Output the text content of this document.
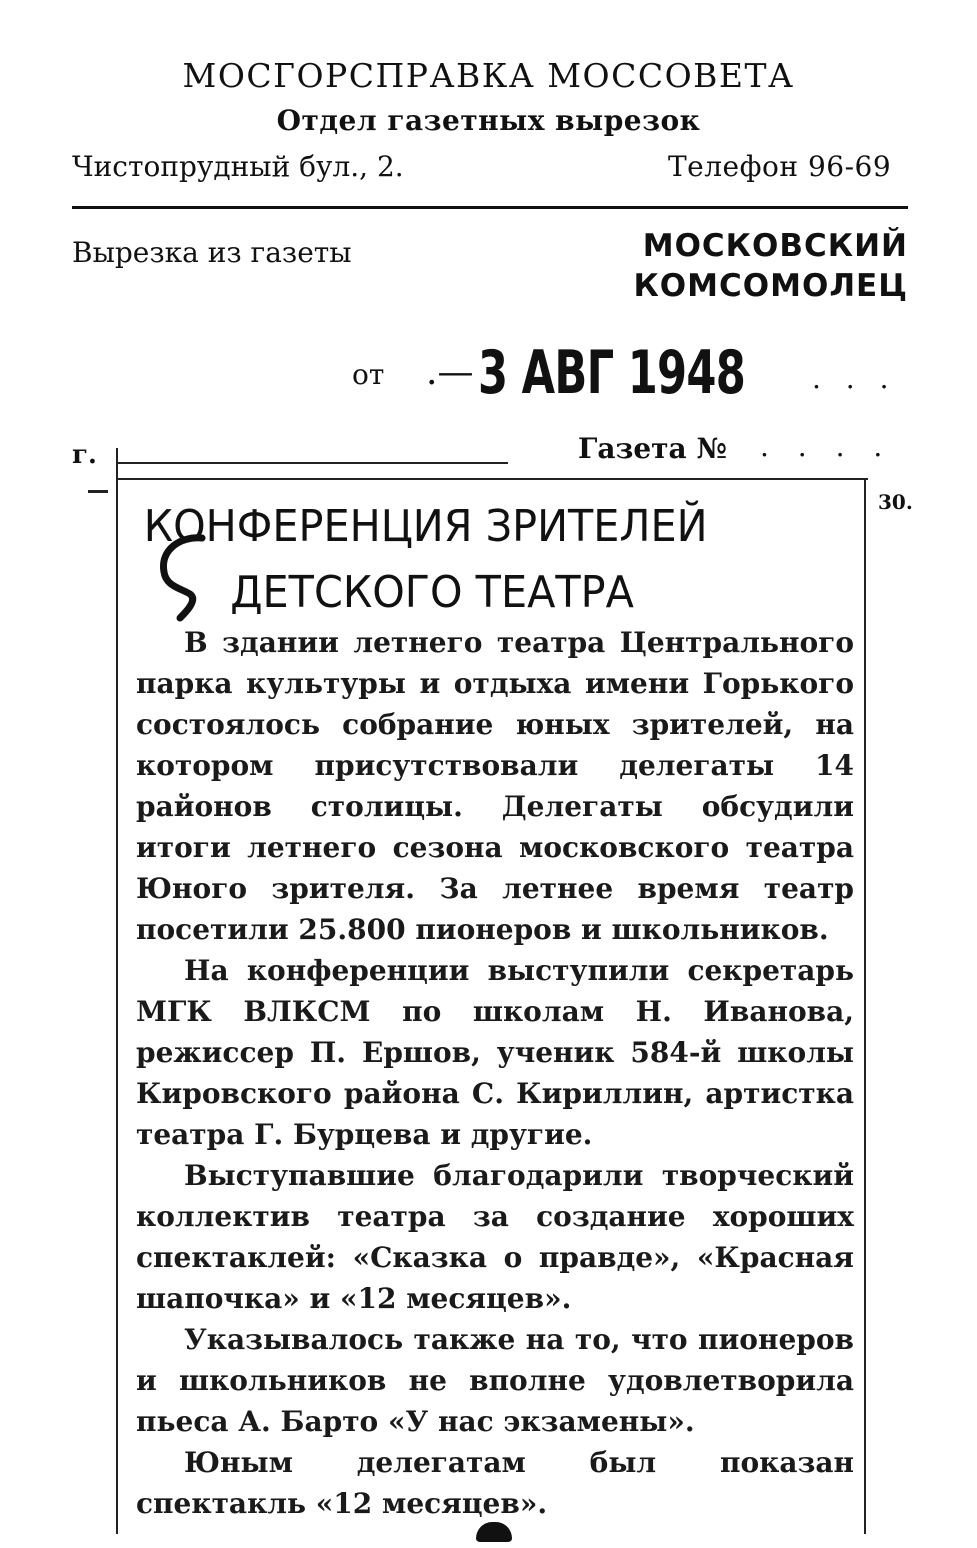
МОСГОРСПРАВКА МОССОВЕТА
Отдел газетных вырезок
Чистопрудный бул., 2.	Телефон 96-69
Вырезка из газеты	МОСКОВСКИЙ
КОМСОМОЛЕЦ
от .— 3 АВГ 1948 . . .
г.	Газета № . . . .
30.
КОНФЕРЕНЦИЯ ЗРИТЕЛЕЙ
ДЕТСКОГО ТЕАТРА

В здании летнего театра Центрального парка культуры и отдыха имени Горького состоялось собрание юных зрителей, на котором присутствовали делегаты 14 районов столицы. Делегаты обсудили итоги летнего сезона московского театра Юного зрителя. За летнее время театр посетили 25.800 пионеров и школьников.

На конференции выступили секретарь МГК ВЛКСМ по школам Н. Иванова, режиссер П. Ершов, ученик 584-й школы Кировского района С. Кириллин, артистка театра Г. Бурцева и другие.

Выступавшие благодарили творческий коллектив театра за создание хороших спектаклей: «Сказка о правде», «Красная шапочка» и «12 месяцев».

Указывалось также на то, что пионеров и школьников не вполне удовлетворила пьеса А. Барто «У нас экзамены».

Юным делегатам был показан спектакль «12 месяцев».
